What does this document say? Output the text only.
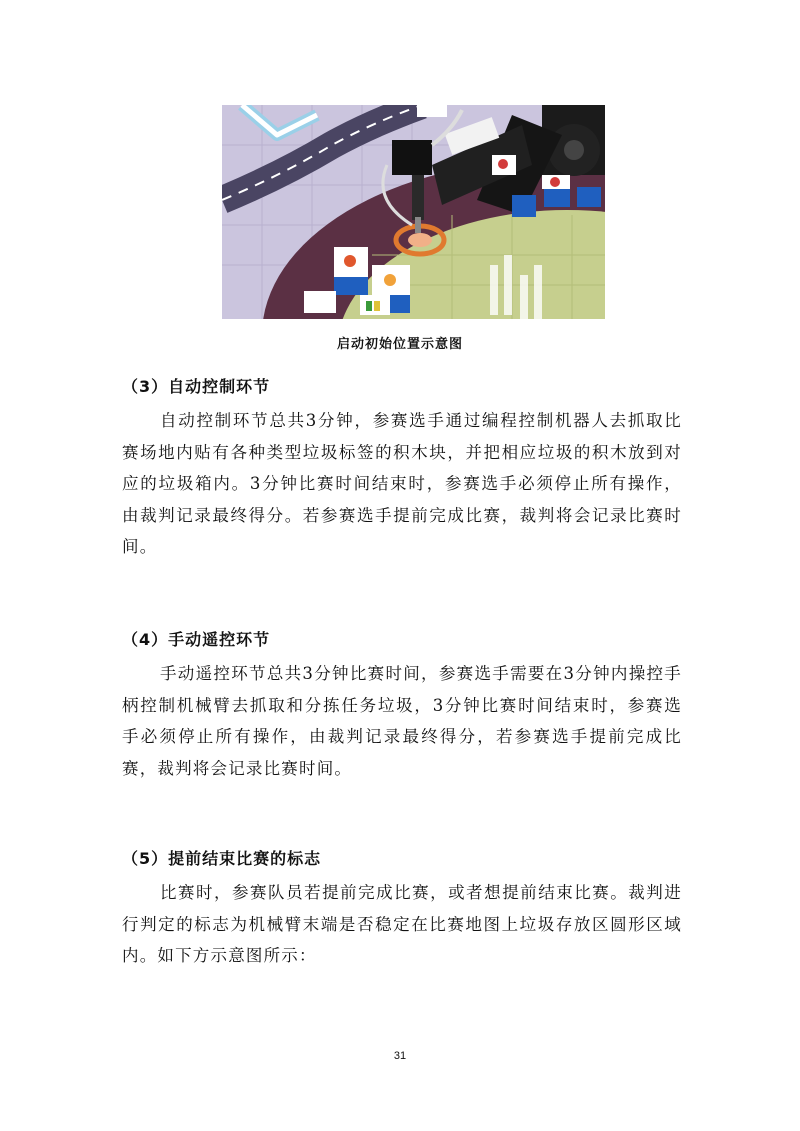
启动初始位置示意图
（3）自动控制环节
自动控制环节总共3分钟，参赛选手通过编程控制机器人去抓取比赛场地内贴有各种类型垃圾标签的积木块，并把相应垃圾的积木放到对应的垃圾箱内。3分钟比赛时间结束时，参赛选手必须停止所有操作，由裁判记录最终得分。若参赛选手提前完成比赛，裁判将会记录比赛时间。
（4）手动遥控环节
手动遥控环节总共3分钟比赛时间，参赛选手需要在3分钟内操控手柄控制机械臂去抓取和分拣任务垃圾，3分钟比赛时间结束时，参赛选手必须停止所有操作，由裁判记录最终得分，若参赛选手提前完成比赛，裁判将会记录比赛时间。
（5）提前结束比赛的标志
比赛时，参赛队员若提前完成比赛，或者想提前结束比赛。裁判进行判定的标志为机械臂末端是否稳定在比赛地图上垃圾存放区圆形区域内。如下方示意图所示：
31
